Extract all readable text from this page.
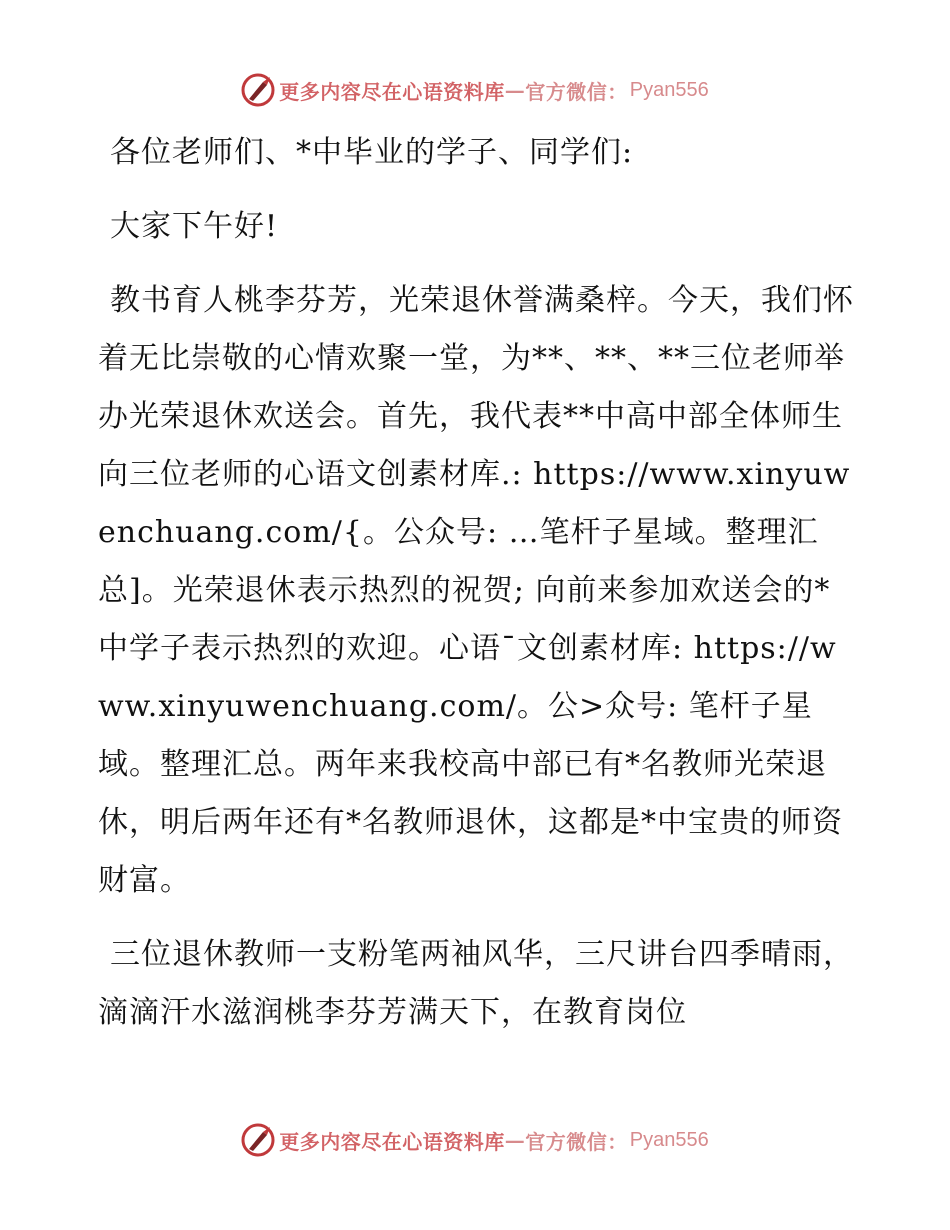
更多内容尽在心语资料库 — 官方微信： Pyan556

各位老师们、*中毕业的学子、同学们:

大家下午好!

教书育人桃李芬芳，光荣退休誉满桑梓。今天，我们怀着无比崇敬的心情欢聚一堂，为**、**、**三位老师举办光荣退休欢送会。首先，我代表**中高中部全体师生向三位老师的心语文创素材库.: https://www.xinyuwenchuang.com/{。公众号: …笔杆子星域。整理汇总]。光荣退休表示热烈的祝贺; 向前来参加欢送会的*中学子表示热烈的欢迎。心语¯文创素材库: https://www.xinyuwenchuang.com/。公>众号: 笔杆子星域。整理汇总。两年来我校高中部已有*名教师光荣退休，明后两年还有*名教师退休，这都是*中宝贵的师资财富。

三位退休教师一支粉笔两袖风华，三尺讲台四季晴雨，滴滴汗水滋润桃李芬芳满天下，在教育岗位

更多内容尽在心语资料库 — 官方微信： Pyan556
